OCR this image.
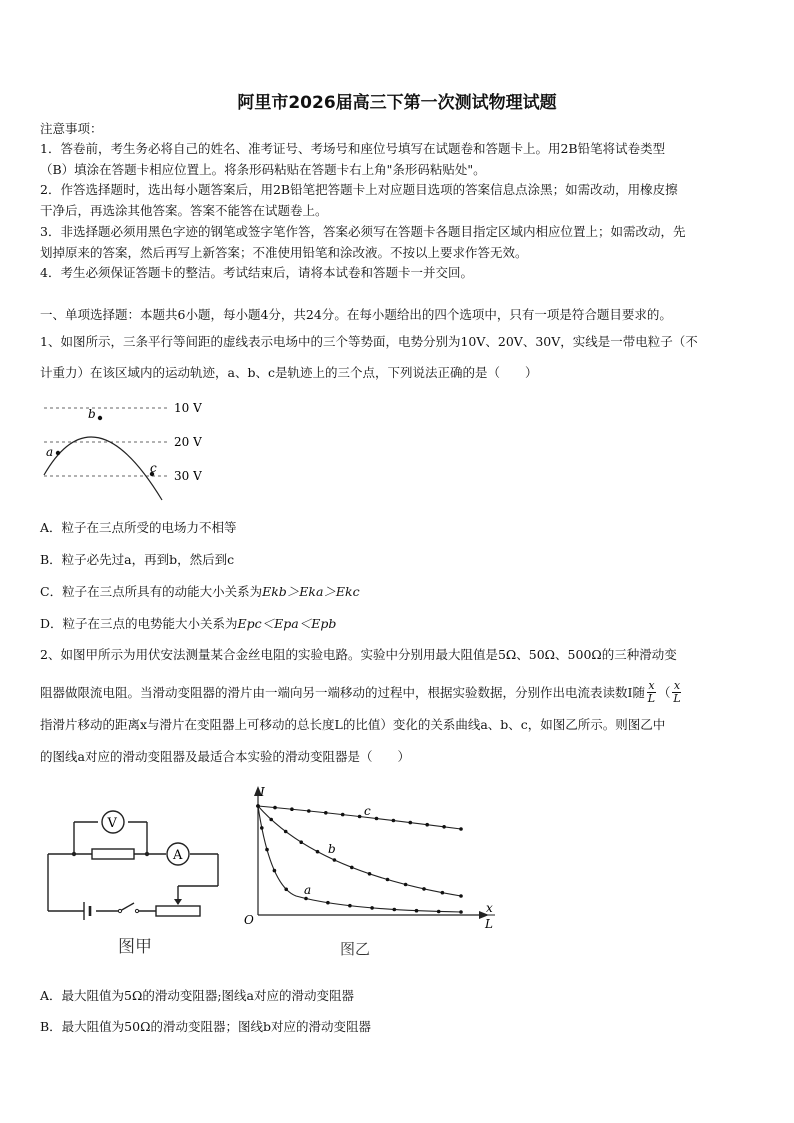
阿里市2026届高三下第一次测试物理试题
注意事项：
1．答卷前，考生务必将自己的姓名、准考证号、考场号和座位号填写在试题卷和答题卡上。用2B铅笔将试卷类型
（B）填涂在答题卡相应位置上。将条形码粘贴在答题卡右上角"条形码粘贴处"。
2．作答选择题时，选出每小题答案后，用2B铅笔把答题卡上对应题目选项的答案信息点涂黑；如需改动，用橡皮擦
干净后，再选涂其他答案。答案不能答在试题卷上。
3．非选择题必须用黑色字迹的钢笔或签字笔作答，答案必须写在答题卡各题目指定区域内相应位置上；如需改动，先
划掉原来的答案，然后再写上新答案；不准使用铅笔和涂改液。不按以上要求作答无效。
4．考生必须保证答题卡的整洁。考试结束后，请将本试卷和答题卡一并交回。
一、单项选择题：本题共6小题，每小题4分，共24分。在每小题给出的四个选项中，只有一项是符合题目要求的。
1、如图所示，三条平行等间距的虚线表示电场中的三个等势面，电势分别为10V、20V、30V，实线是一带电粒子（不
计重力）在该区域内的运动轨迹，a、b、c是轨迹上的三个点，下列说法正确的是（　　）
a
b
c
10 V
20 V
30 V
A．粒子在三点所受的电场力不相等
B．粒子必先过a，再到b，然后到c
C．粒子在三点所具有的动能大小关系为Ekb＞Eka＞Ekc
D．粒子在三点的电势能大小关系为Epc＜Epa＜Epb
2、如图甲所示为用伏安法测量某合金丝电阻的实验电路。实验中分别用最大阻值是5Ω、50Ω、500Ω的三种滑动变
阻器做限流电阻。当滑动变阻器的滑片由一端向另一端移动的过程中，根据实验数据，分别作出电流表读数I随 $\frac{x}{L}$ （ $\frac{x}{L}$
指滑片移动的距离x与滑片在变阻器上可移动的总长度L的比值）变化的关系曲线a、b、c，如图乙所示。则图乙中
的图线a对应的滑动变阻器及最适合本实验的滑动变阻器是（　　）
V
A
图甲
I
O
x
L
c
b
a
图乙
A．最大阻值为5Ω的滑动变阻器;图线a对应的滑动变阻器
B．最大阻值为50Ω的滑动变阻器；图线b对应的滑动变阻器
